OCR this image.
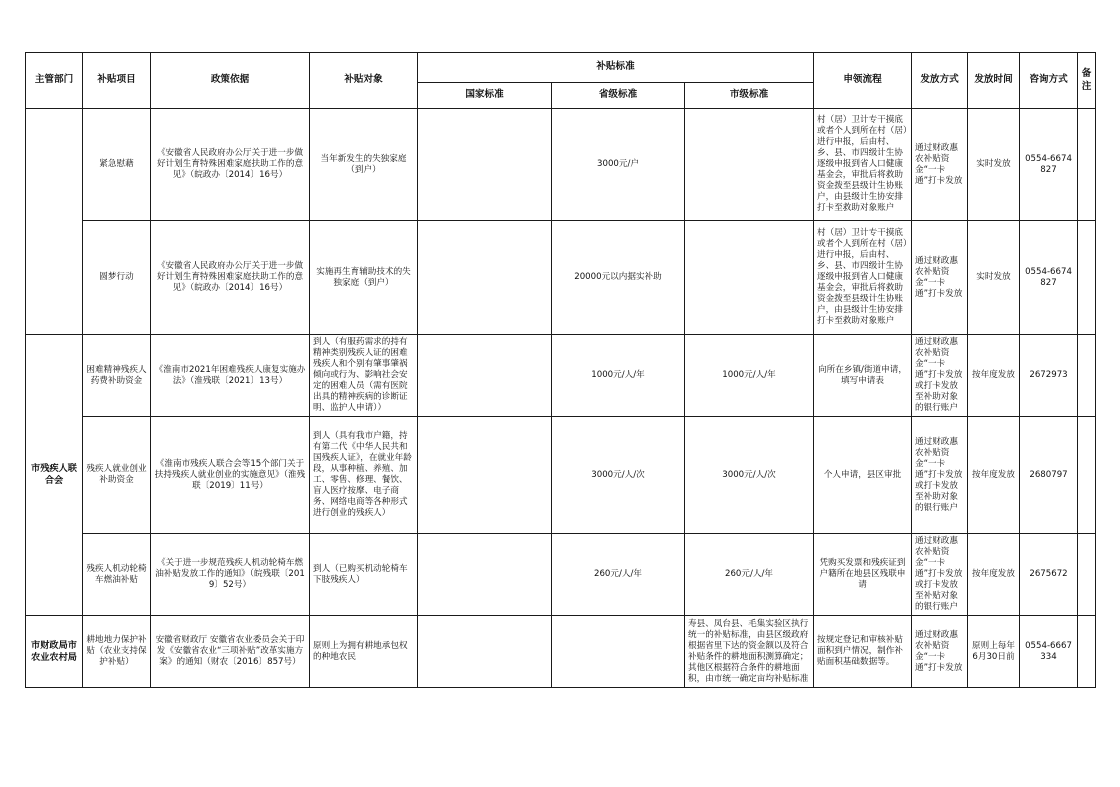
主管部门	补贴项目	政策依据	补贴对象	补贴标准			申领流程	发放方式	发放时间	咨询方式	备注
				国家标准	省级标准	市级标准					
	紧急慰藉	《安徽省人民政府办公厅关于进一步做好计划生育特殊困难家庭扶助工作的意见》（皖政办〔2014〕16号）	当年新发生的失独家庭（到户）		3000元/户		村（居）卫计专干摸底或者个人到所在村（居）进行申报，后由村、乡、县、市四级计生协逐级申报到省人口健康基金会，审批后将救助资金拨至县级计生协账户，由县级计生协安排打卡至救助对象账户	通过财政惠农补贴资金“一卡通”打卡发放	实时发放	0554-6674827	
	圆梦行动	《安徽省人民政府办公厅关于进一步做好计划生育特殊困难家庭扶助工作的意见》（皖政办〔2014〕16号）	实施再生育辅助技术的失独家庭（到户）		20000元以内据实补助		村（居）卫计专干摸底或者个人到所在村（居）进行申报，后由村、乡、县、市四级计生协逐级申报到省人口健康基金会，审批后将救助资金拨至县级计生协账户，由县级计生协安排打卡至救助对象账户	通过财政惠农补贴资金“一卡通”打卡发放	实时发放	0554-6674827	
市残疾人联合会	困难精神残疾人药费补助资金	《淮南市2021年困难残疾人康复实施办法》（淮残联〔2021〕13号）	到人（有服药需求的持有精神类别残疾人证的困难残疾人和个别有肇事肇祸倾向或行为、影响社会安定的困难人员（需有医院出具的精神疾病的诊断证明、监护人申请））		1000元/人/年	1000元/人/年	向所在乡镇/街道申请，填写申请表	通过财政惠农补贴资金“一卡通”打卡发放或打卡发放至补助对象的银行账户	按年度发放	2672973	
	残疾人就业创业补助资金	《淮南市残疾人联合会等15个部门关于扶持残疾人就业创业的实施意见》（淮残联〔2019〕11号）	到人（具有我市户籍，持有第二代《中华人民共和国残疾人证》，在就业年龄段，从事种植、养殖、加工、零售、修理、餐饮、盲人医疗按摩、电子商务、网络电商等各种形式进行创业的残疾人）		3000元/人/次	3000元/人/次	个人申请，县区审批	通过财政惠农补贴资金“一卡通”打卡发放或打卡发放至补助对象的银行账户	按年度发放	2680797	
	残疾人机动轮椅车燃油补贴	《关于进一步规范残疾人机动轮椅车燃油补贴发放工作的通知》（皖残联〔2019〕52号）	到人（已购买机动轮椅车下肢残疾人）		260元/人/年	260元/人/年	凭购买发票和残疾证到户籍所在地县区残联申请	通过财政惠农补贴资金“一卡通”打卡发放或打卡发放至补贴对象的银行账户	按年度发放	2675672	
市财政局市农业农村局	耕地地力保护补贴（农业支持保护补贴）	安徽省财政厅 安徽省农业委员会关于印发《安徽省农业“三项补贴”改革实施方案》的通知（财农〔2016〕857号）	原则上为拥有耕地承包权的种地农民			寿县、凤台县、毛集实验区执行统一的补贴标准，由县区级政府根据省里下达的资金额以及符合补贴条件的耕地面积测算确定；其他区根据符合条件的耕地面积，由市统一确定亩均补贴标准	按规定登记和审核补贴面积到户情况，制作补贴面积基础数据等。	通过财政惠农补贴资金“一卡通”打卡发放	原则上每年6月30日前	0554-6667334	
